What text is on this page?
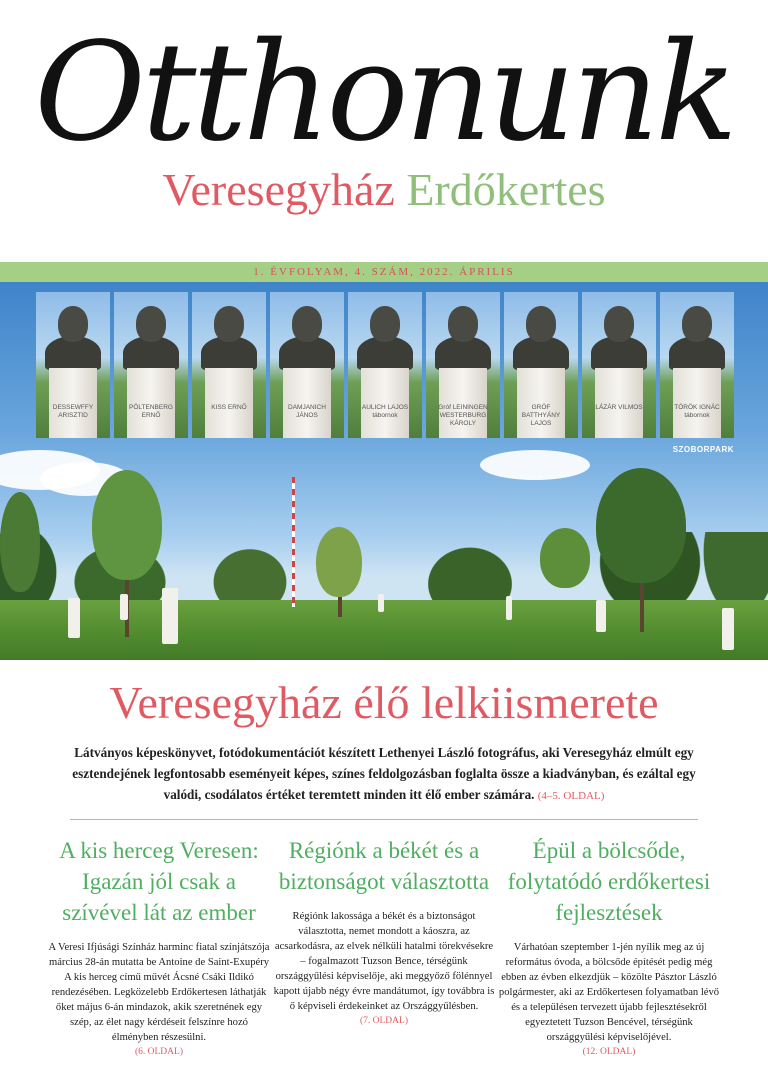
Otthonunk
Veresegyház Erdőkertes
1. ÉVFOLYAM, 4. SZÁM, 2022. ÁPRILIS
DESSEWFFY ARISZTID
PÖLTENBERG ERNŐ
KISS ERNŐ	DAMJANICH JÁNOS
AULICH LAJOS tábornok
Gróf LEININGEN WESTERBURG KÁROLY
GRÓF BATTHYÁNY LAJOS
LÁZÁR VILMOS	TÖRÖK IGNÁC tábornok
SZOBORPARK
Veresegyház élő lelkiismerete
Látványos képeskönyvet, fotódokumentációt készített Lethenyei László fotográfus, aki Veresegyház elmúlt egy esztendejének legfontosabb eseményeit képes, színes feldolgozásban foglalta össze a kiadványban, és ezáltal egy valódi, csodálatos értéket teremtett minden itt élő ember számára. (4–5. OLDAL)
A kis herceg Veresen: Igazán jól csak a szívével lát az ember

A Veresi Ifjúsági Színház harminc fiatal színjátszója március 28-án mutatta be Antoine de Saint-Exupéry A kis herceg című művét Ácsné Csáki Ildikó rendezésében. Legközelebb Erdőkertesen láthatják őket május 6-án mindazok, akik szeretnének egy szép, az élet nagy kérdéseit felszínre hozó élményben részesülni.

(6. OLDAL)
Régiónk a békét és a biztonságot választotta

Régiónk lakossága a békét és a biztonságot választotta, nemet mondott a káoszra, az acsarkodásra, az elvek nélküli hatalmi törekvésekre – fogalmazott Tuzson Bence, térségünk országgyűlési képviselője, aki meggyőző fölénnyel kapott újabb négy évre mandátumot, így továbbra is ő képviseli érdekeinket az Országgyűlésben.

(7. OLDAL)
Épül a bölcsőde, folytatódó erdőkertesi fejlesztések

Várhatóan szeptember 1-jén nyílik meg az új református óvoda, a bölcsőde építését pedig még ebben az évben elkezdjük – közölte Pásztor László polgármester, aki az Erdőkertesen folyamatban lévő és a településen tervezett újabb fejlesztésekről egyeztetett Tuzson Bencével, térségünk országgyűlési képviselőjével.

(12. OLDAL)
